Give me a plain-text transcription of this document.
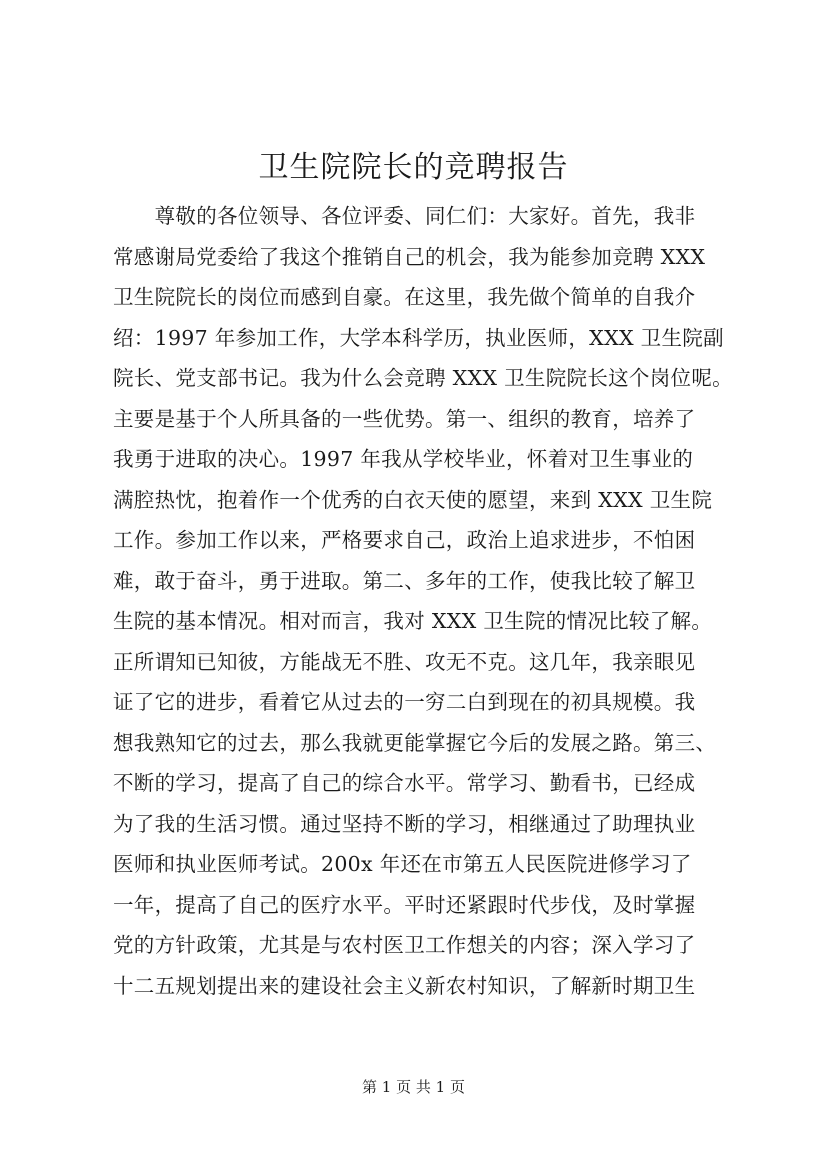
卫生院院长的竞聘报告
　　尊敬的各位领导、各位评委、同仁们：大家好。首先，我非
常感谢局党委给了我这个推销自己的机会，我为能参加竞聘 XXX
卫生院院长的岗位而感到自豪。在这里，我先做个简单的自我介
绍：1997 年参加工作，大学本科学历，执业医师，XXX 卫生院副
院长、党支部书记。我为什么会竞聘 XXX 卫生院院长这个岗位呢。
主要是基于个人所具备的一些优势。第一、组织的教育，培养了
我勇于进取的决心。1997 年我从学校毕业，怀着对卫生事业的
满腔热忱，抱着作一个优秀的白衣天使的愿望，来到 XXX 卫生院
工作。参加工作以来，严格要求自己，政治上追求进步，不怕困
难，敢于奋斗，勇于进取。第二、多年的工作，使我比较了解卫
生院的基本情况。相对而言，我对 XXX 卫生院的情况比较了解。
正所谓知已知彼，方能战无不胜、攻无不克。这几年，我亲眼见
证了它的进步，看着它从过去的一穷二白到现在的初具规模。我
想我熟知它的过去，那么我就更能掌握它今后的发展之路。第三、
不断的学习，提高了自己的综合水平。常学习、勤看书，已经成
为了我的生活习惯。通过坚持不断的学习，相继通过了助理执业
医师和执业医师考试。200x 年还在市第五人民医院进修学习了
一年，提高了自己的医疗水平。平时还紧跟时代步伐，及时掌握
党的方针政策，尤其是与农村医卫工作想关的内容；深入学习了
十二五规划提出来的建设社会主义新农村知识，了解新时期卫生
第 1 页 共 1 页
